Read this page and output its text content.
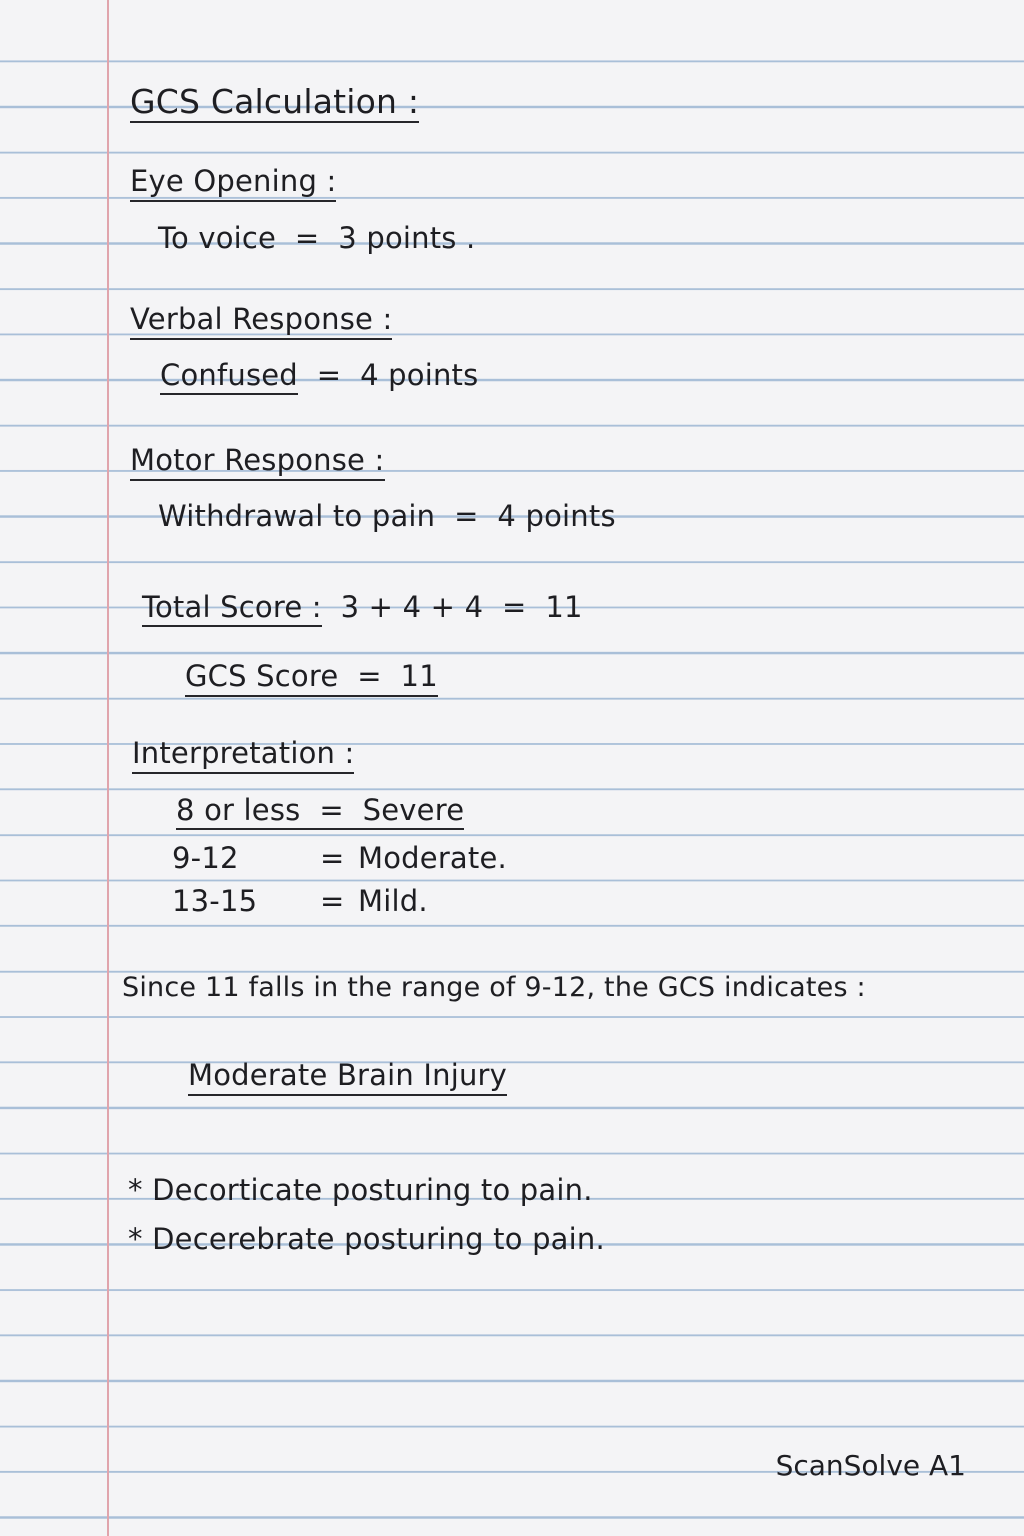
GCS Calculation :
Eye Opening :
To voice  =  3 points .
Verbal Response :
Confused  =  4 points
Motor Response :
Withdrawal to pain  =  4 points
Total Score :  3 + 4 + 4  =  11
GCS Score  =  11
Interpretation :
8 or less  =  Severe
9-12	=
Moderate.
13-15 =
Mild.
Since 11 falls in the range of 9-12, the GCS indicates :
Moderate Brain Injury
* Decorticate posturing to pain.
* Decerebrate posturing to pain.
ScanSolve A1
